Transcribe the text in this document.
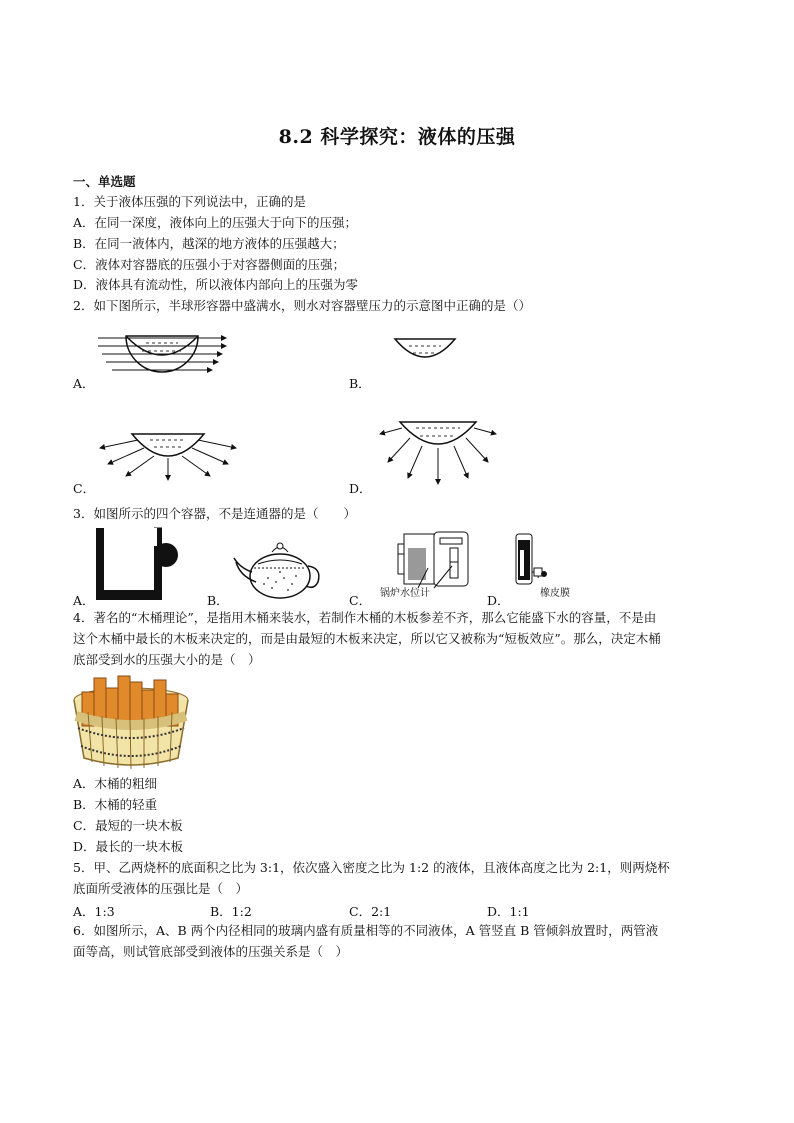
8.2 科学探究：液体的压强
一、单选题
1．关于液体压强的下列说法中，正确的是
A．在同一深度，液体向上的压强大于向下的压强；
B．在同一液体内，越深的地方液体的压强越大；
C．液体对容器底的压强小于对容器侧面的压强；
D．液体具有流动性，所以液体内部向上的压强为零
2．如下图所示，半球形容器中盛满水，则水对容器壁压力的示意图中正确的是（）
A．	B．
C．	D．
3．如图所示的四个容器，不是连通器的是（　　）
A．	B．	锅炉水位计
C．	橡皮膜
D．
4．著名的“木桶理论”，是指用木桶来装水，若制作木桶的木板参差不齐，那么它能盛下水的容量，不是由
这个木桶中最长的木板来决定的，而是由最短的木板来决定，所以它又被称为“短板效应”。那么，决定木桶
底部受到水的压强大小的是（　）
A．木桶的粗细
B．木桶的轻重
C．最短的一块木板
D．最长的一块木板
5．甲、乙两烧杯的底面积之比为 3:1，依次盛入密度之比为 1:2 的液体，且液体高度之比为 2:1，则两烧杯
底面所受液体的压强比是（　）
A．1:3	B．1:2	C．2:1	D．1:1
6．如图所示，A、B 两个内径相同的玻璃内盛有质量相等的不同液体，A 管竖直 B 管倾斜放置时，两管液
面等高，则试管底部受到液体的压强关系是（　）
